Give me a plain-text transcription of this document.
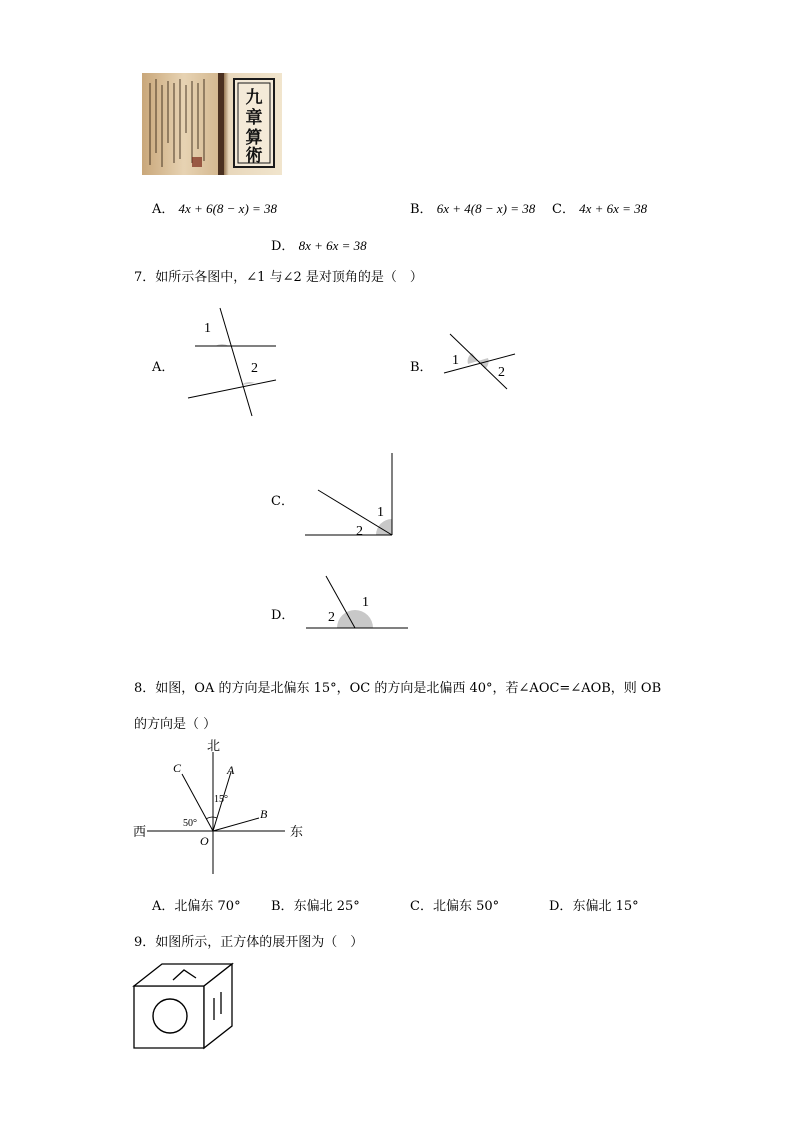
九
章
算
術
A． 4x + 6(8 − x) = 38	B． 6x + 4(8 − x) = 38 C． 4x + 6x = 38
D． 8x + 6x = 38
7．如所示各图中，∠1 与∠2 是对顶角的是（　）
A．
1
2	B． 1
2
C．
1
2
D．
1
2
8．如图，OA 的方向是北偏东 15°，OC 的方向是北偏西 40°，若∠AOC=∠AOB，则 OB
的方向是（ ）
北
西	东
O
A
C
B
15°
50°
A．北偏东 70° B．东偏北 25°	C．北偏东 50°	D．东偏北 15°
9．如图所示，正方体的展开图为（　）
